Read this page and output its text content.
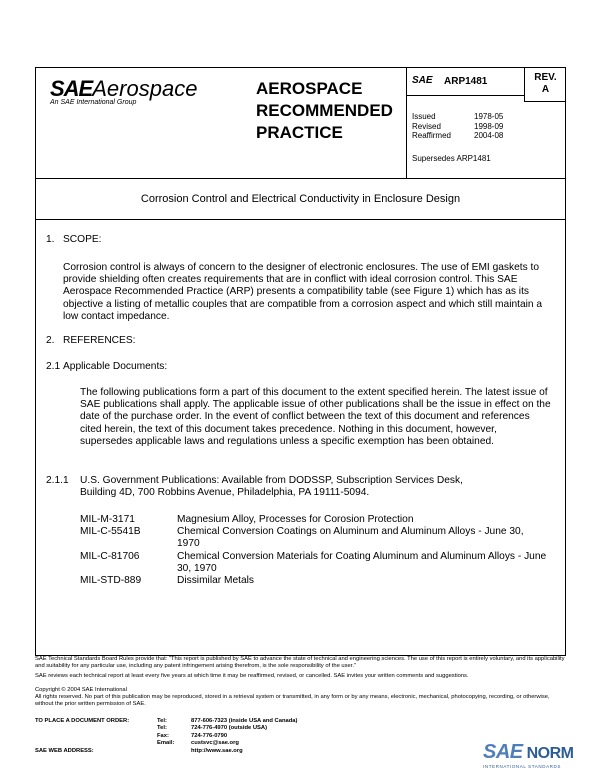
SAEAerospace
An SAE International Group
AEROSPACE
RECOMMENDED
PRACTICE
SAE ARP1481
Issued	1978-05
Revised	1998-09
Reaffirmed	2004-08
Supersedes ARP1481
REV.
A
Corrosion Control and Electrical Conductivity in Enclosure Design
1. SCOPE:
Corrosion control is always of concern to the designer of electronic enclosures. The use of EMI gaskets to provide shielding often creates requirements that are in conflict with ideal corrosion control. This SAE Aerospace Recommended Practice (ARP) presents a compatibility table (see Figure 1) which has as its objective a listing of metallic couples that are compatible from a corrosion aspect and which still maintain a low contact impedance.
2. REFERENCES:
2.1 Applicable Documents:
The following publications form a part of this document to the extent specified herein. The latest issue of SAE publications shall apply. The applicable issue of other publications shall be the issue in effect on the date of the purchase order. In the event of conflict between the text of this document and references cited herein, the text of this document takes precedence. Nothing in this document, however, supersedes applicable laws and regulations unless a specific exemption has been obtained.
2.1.1 U.S. Government Publications: Available from DODSSP, Subscription Services Desk, Building 4D, 700 Robbins Avenue, Philadelphia, PA 19111-5094.
MIL-M-3171	Magnesium Alloy, Processes for Corosion Protection
MIL-C-5541B	Chemical Conversion Coatings on Aluminum and Aluminum Alloys - June 30, 1970
MIL-C-81706	Chemical Conversion Materials for Coating Aluminum and Aluminum Alloys - June 30, 1970
MIL-STD-889	Dissimilar Metals
SAE Technical Standards Board Rules provide that: "This report is published by SAE to advance the state of technical and engineering sciences. The use of this report is entirely voluntary, and its applicability and suitability for any particular use, including any patent infringement arising therefrom, is the sole responsibility of the user."
SAE reviews each technical report at least every five years at which time it may be reaffirmed, revised, or cancelled. SAE invites your written comments and suggestions.
Copyright © 2004 SAE International
All rights reserved. No part of this publication may be reproduced, stored in a retrieval system or transmitted, in any form or by any means, electronic, mechanical, photocopying, recording, or otherwise, without the prior written permission of SAE.
TO PLACE A DOCUMENT ORDER:	Tel:	877-606-7323 (inside USA and Canada)
Tel:	724-776-4970 (outside USA)
Fax:	724-776-0790
Email:	custsvc@sae.org
SAE WEB ADDRESS:	http://www.sae.org	SAE NORM
INTERNATIONAL STANDARDS
